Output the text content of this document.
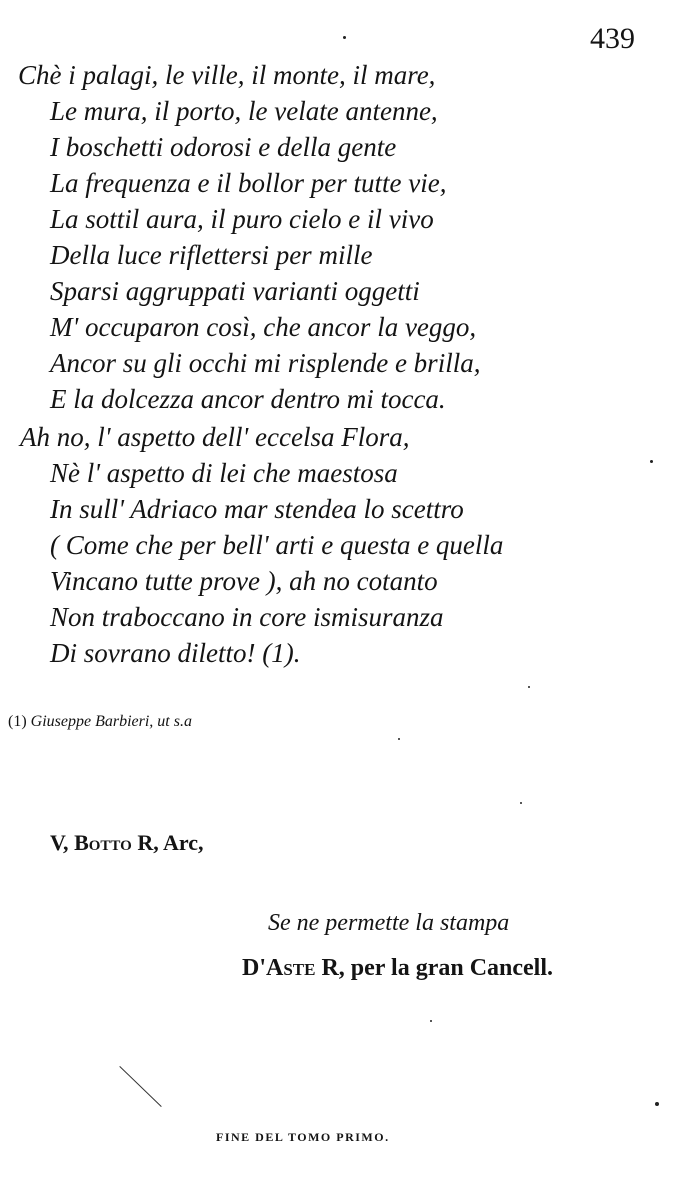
439
Chè i palagi, le ville, il monte, il mare,
Le mura, il porto, le velate antenne,
I boschetti odorosi e della gente
La frequenza e il bollor per tutte vie,
La sottil aura, il puro cielo e il vivo
Della luce riflettersi per mille
Sparsi aggruppati varianti oggetti
M' occuparon così, che ancor la veggo,
Ancor su gli occhi mi risplende e brilla,
E la dolcezza ancor dentro mi tocca.
Ah no, l' aspetto dell' eccelsa Flora,
Nè l' aspetto di lei che maestosa
In sull' Adriaco mar stendea lo scettro
( Come che per bell' arti e questa e quella
Vincano tutte prove ), ah no cotanto
Non traboccano in core ismisuranza
Di sovrano diletto! (1).
(1) Giuseppe Barbieri, ut s.a
V, Botto R, Arc,
Se ne permette la stampa
D'Aste R, per la gran Cancell.
FINE DEL TOMO PRIMO.
